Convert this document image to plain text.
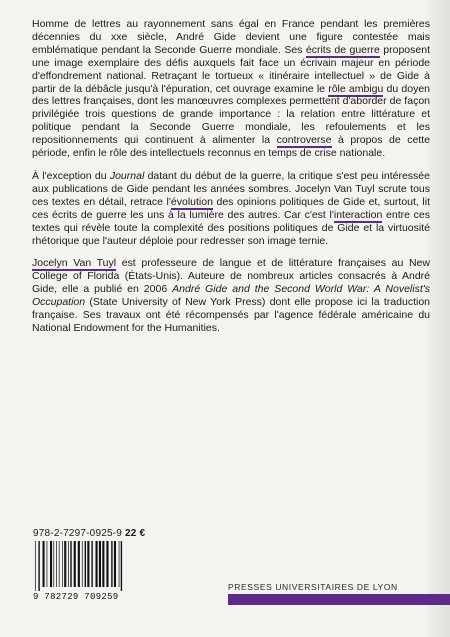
Homme de lettres au rayonnement sans égal en France pendant les premières décennies du xxe siècle, André Gide devient une figure contestée mais emblématique pendant la Seconde Guerre mondiale. Ses écrits de guerre proposent une image exemplaire des défis auxquels fait face un écrivain majeur en période d'effondrement national. Retraçant le tortueux « itinéraire intellectuel » de Gide à partir de la débâcle jusqu'à l'épuration, cet ouvrage examine le rôle ambigu du doyen des lettres françaises, dont les manœuvres complexes permettent d'aborder de façon privilégiée trois questions de grande importance : la relation entre littérature et politique pendant la Seconde Guerre mondiale, les refoulements et les repositionnements qui continuent à alimenter la controverse à propos de cette période, enfin le rôle des intellectuels reconnus en temps de crise nationale.

À l'exception du Journal datant du début de la guerre, la critique s'est peu intéressée aux publications de Gide pendant les années sombres. Jocelyn Van Tuyl scrute tous ces textes en détail, retrace l'évolution des opinions politiques de Gide et, surtout, lit ces écrits de guerre les uns à la lumière des autres. Car c'est l'interaction entre ces textes qui révèle toute la complexité des positions politiques de Gide et la virtuosité rhétorique que l'auteur déploie pour redresser son image ternie.

Jocelyn Van Tuyl est professeure de langue et de littérature françaises au New College of Florida (États-Unis). Auteure de nombreux articles consacrés à André Gide, elle a publié en 2006 André Gide and the Second World War: A Novelist's Occupation (State University of New York Press) dont elle propose ici la traduction française. Ses travaux ont été récompensés par l'agence fédérale américaine du National Endowment for the Humanities.

978-2-7297-0925-9 22 €
9 782729 709259
PRESSES UNIVERSITAIRES DE LYON
